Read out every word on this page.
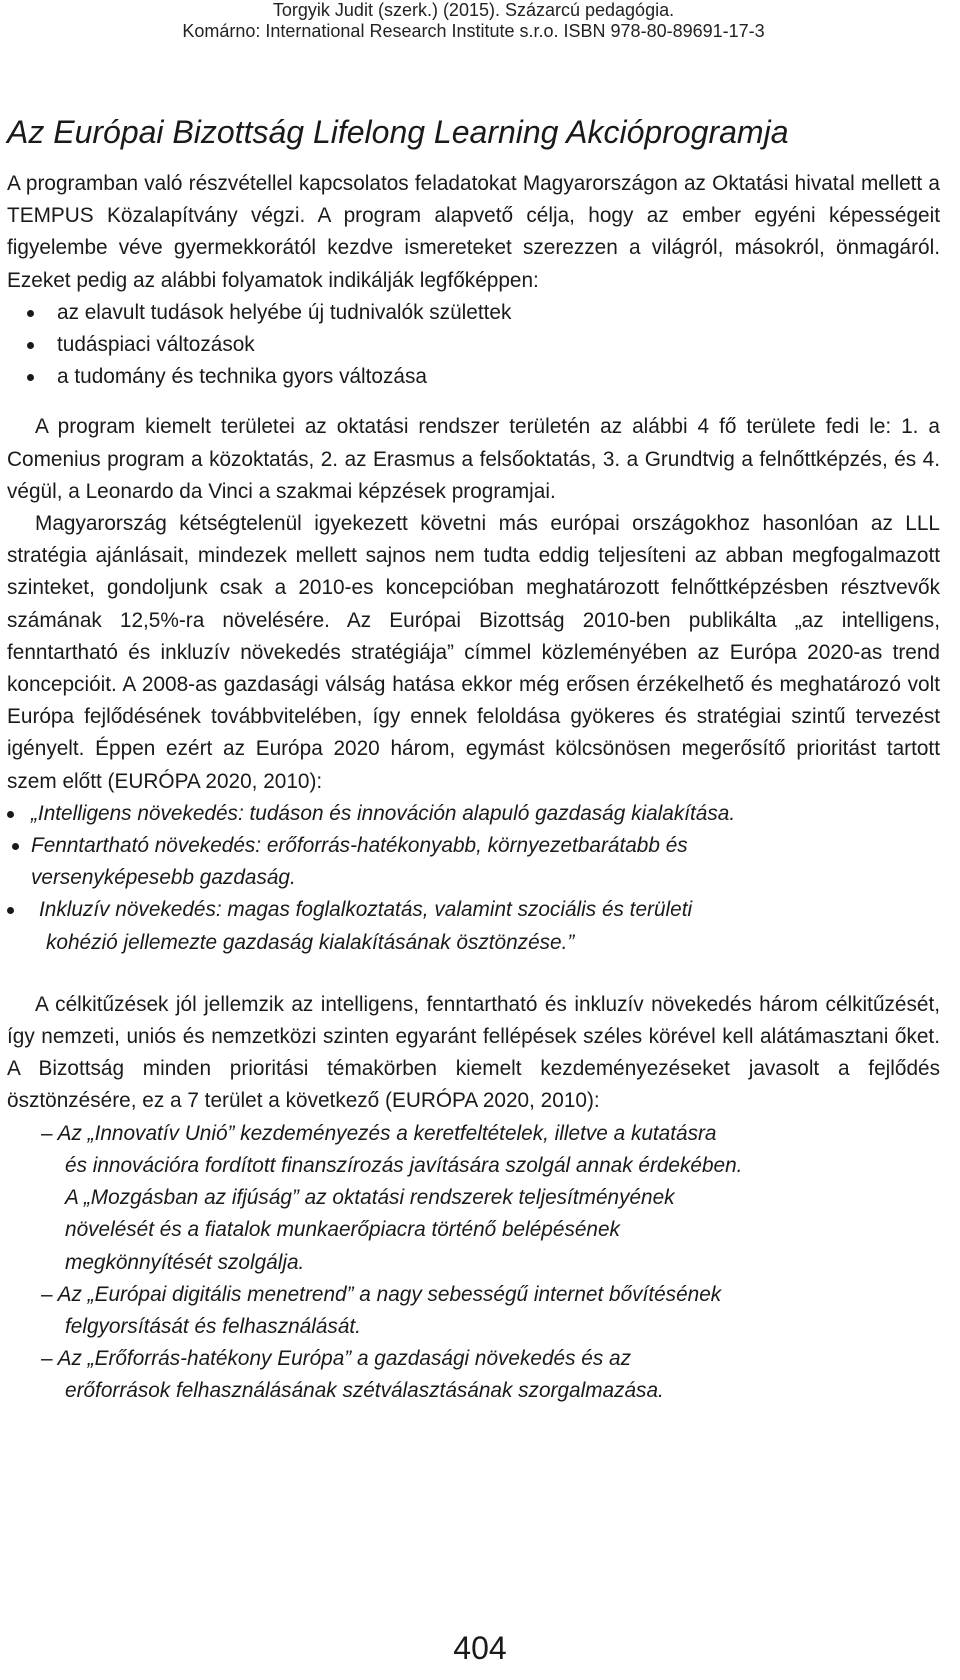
Torgyik Judit (szerk.) (2015). Százarcú pedagógia.
Komárno: International Research Institute s.r.o. ISBN 978-80-89691-17-3
Az Európai Bizottság Lifelong Learning Akcióprogramja

A programban való részvétellel kapcsolatos feladatokat Magyarországon az Oktatási hivatal mellett a TEMPUS Közalapítvány végzi. A program alapvető célja, hogy az ember egyéni képességeit figyelembe véve gyermekkorától kezdve ismereteket szerezzen a világról, másokról, önmagáról. Ezeket pedig az alábbi folyamatok indikálják legfőképpen:

az elavult tudások helyébe új tudnivalók születtek
tudáspiaci változások
a tudomány és technika gyors változása

A program kiemelt területei az oktatási rendszer területén az alábbi 4 fő területe fedi le: 1. a Comenius program a közoktatás, 2. az Erasmus a felsőoktatás, 3. a Grundtvig a felnőttképzés, és 4. végül, a Leonardo da Vinci a szakmai képzések programjai.

Magyarország kétségtelenül igyekezett követni más európai országokhoz hasonlóan az LLL stratégia ajánlásait, mindezek mellett sajnos nem tudta eddig teljesíteni az abban megfogalmazott szinteket, gondoljunk csak a 2010-es koncepcióban meghatározott felnőttképzésben résztvevők számának 12,5%-ra növelésére. Az Európai Bizottság 2010-ben publikálta „az intelligens, fenntartható és inkluzív növekedés stratégiája” címmel közleményében az Európa 2020-as trend koncepcióit. A 2008-as gazdasági válság hatása ekkor még erősen érzékelhető és meghatározó volt Európa fejlődésének továbbvitelében, így ennek feloldása gyökeres és stratégiai szintű tervezést igényelt. Éppen ezért az Európa 2020 három, egymást kölcsönösen megerősítő prioritást tartott szem előtt (EURÓPA 2020, 2010):

„Intelligens növekedés: tudáson és innováción alapuló gazdaság kialakítása.
Fenntartható növekedés: erőforrás-hatékonyabb, környezetbarátabb és
versenyképesebb gazdaság.
Inkluzív növekedés: magas foglalkoztatás, valamint szociális és területi

kohézió jellemezte gazdaság kialakításának ösztönzése.”

A célkitűzések jól jellemzik az intelligens, fenntartható és inkluzív növekedés három célkitűzését, így nemzeti, uniós és nemzetközi szinten egyaránt fellépések széles körével kell alátámasztani őket. A Bizottság minden prioritási témakörben kiemelt kezdeményezéseket javasolt a fejlődés ösztönzésére, ez a 7 terület a következő (EURÓPA 2020, 2010):

– Az „Innovatív Unió” kezdeményezés a keretfeltételek, illetve a kutatásra
és innovációra fordított finanszírozás javítására szolgál annak érdekében.
A „Mozgásban az ifjúság” az oktatási rendszerek teljesítményének
növelését és a fiatalok munkaerőpiacra történő belépésének
megkönnyítését szolgálja.
– Az „Európai digitális menetrend” a nagy sebességű internet bővítésének
felgyorsítását és felhasználását.
– Az „Erőforrás-hatékony Európa” a gazdasági növekedés és az
erőforrások felhasználásának szétválasztásának szorgalmazása.
404
